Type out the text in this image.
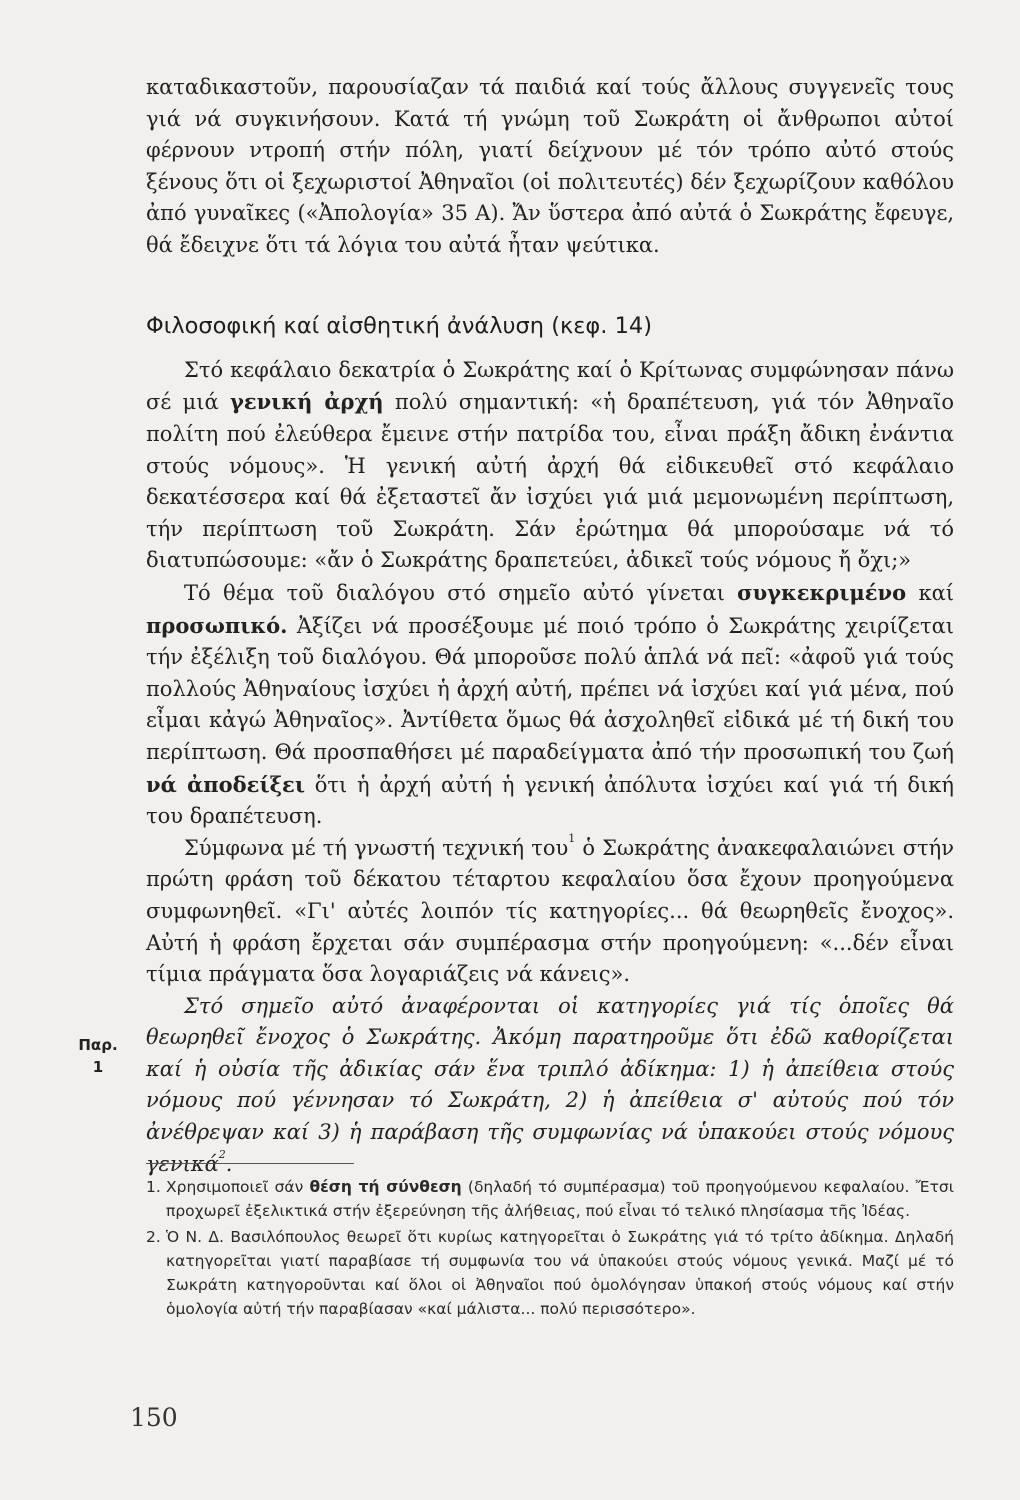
καταδικαστοῦν, παρουσίαζαν τά παιδιά καί τούς ἄλλους συγγενεῖς τους γιά νά συγκινήσουν. Κατά τή γνώμη τοῦ Σωκράτη οἱ ἄνθρωποι αὐτοί φέρνουν ντροπή στήν πόλη, γιατί δείχνουν μέ τόν τρόπο αὐτό στούς ξένους ὅτι οἱ ξεχωριστοί Ἀθηναῖοι (οἱ πολιτευτές) δέν ξεχωρίζουν καθόλου ἀπό γυναῖκες («Ἀπολογία» 35 Α). Ἄν ὕστερα ἀπό αὐτά ὁ Σωκράτης ἔφευγε, θά ἔδειχνε ὅτι τά λόγια του αὐτά ἦταν ψεύτικα.

Φιλοσοφική καί αἰσθητική ἀνάλυση (κεφ. 14)

Στό κεφάλαιο δεκατρία ὁ Σωκράτης καί ὁ Κρίτωνας συμφώνησαν πάνω σέ μιά γενική ἀρχή πολύ σημαντική: «ἡ δραπέτευση, γιά τόν Ἀθηναῖο πολίτη πού ἐλεύθερα ἔμεινε στήν πατρίδα του, εἶναι πράξη ἄδικη ἐνάντια στούς νόμους». Ἡ γενική αὐτή ἀρχή θά εἰδικευθεῖ στό κεφάλαιο δεκατέσσερα καί θά ἐξεταστεῖ ἄν ἰσχύει γιά μιά μεμονωμένη περίπτωση, τήν περίπτωση τοῦ Σωκράτη. Σάν ἐρώτημα θά μπορούσαμε νά τό διατυπώσουμε: «ἄν ὁ Σωκράτης δραπετεύει, ἀδικεῖ τούς νόμους ἤ ὄχι;»

Τό θέμα τοῦ διαλόγου στό σημεῖο αὐτό γίνεται συγκεκριμένο καί προσωπικό. Ἀξίζει νά προσέξουμε μέ ποιό τρόπο ὁ Σωκράτης χειρίζεται τήν ἐξέλιξη τοῦ διαλόγου. Θά μποροῦσε πολύ ἁπλά νά πεῖ: «ἀφοῦ γιά τούς πολλούς Ἀθηναίους ἰσχύει ἡ ἀρχή αὐτή, πρέπει νά ἰσχύει καί γιά μένα, πού εἶμαι κἀγώ Ἀθηναῖος». Ἀντίθετα ὅμως θά ἀσχοληθεῖ εἰδικά μέ τή δική του περίπτωση. Θά προσπαθήσει μέ παραδείγματα ἀπό τήν προσωπική του ζωή νά ἀποδείξει ὅτι ἡ ἀρχή αὐτή ἡ γενική ἀπόλυτα ἰσχύει καί γιά τή δική του δραπέτευση.

Σύμφωνα μέ τή γνωστή τεχνική του$^1$ ὁ Σωκράτης ἀνακεφαλαιώνει στήν πρώτη φράση τοῦ δέκατου τέταρτου κεφαλαίου ὅσα ἔχουν προηγούμενα συμφωνηθεῖ. «Γι' αὐτές λοιπόν τίς κατηγορίες... θά θεωρηθεῖς ἔνοχος». Αὐτή ἡ φράση ἔρχεται σάν συμπέρασμα στήν προηγούμενη: «...δέν εἶναι τίμια πράγματα ὅσα λογαριάζεις νά κάνεις».

Στό σημεῖο αὐτό ἀναφέρονται οἱ κατηγορίες γιά τίς ὁποῖες θά θεωρηθεῖ ἔνοχος ὁ Σωκράτης. Ἀκόμη παρατηροῦμε ὅτι ἐδῶ καθορίζεται καί ἡ οὐσία τῆς ἀδικίας σάν ἕνα τριπλό ἀδίκημα: 1) ἡ ἀπείθεια στούς νόμους πού γέννησαν τό Σωκράτη, 2) ἡ ἀπείθεια σ' αὐτούς πού τόν ἀνέθρεψαν καί 3) ἡ παράβαση τῆς συμφωνίας νά ὑπακούει στούς νόμους γενικά$^2$.

Παρ.
1
1. Χρησιμοποιεῖ σάν θέση τή σύνθεση (δηλαδή τό συμπέρασμα) τοῦ προηγούμενου κεφαλαίου. Ἔτσι προχωρεῖ ἐξελικτικά στήν ἐξερεύνηση τῆς ἀλήθειας, πού εἶναι τό τελικό πλησίασμα τῆς Ἰδέας.
2. Ὁ Ν. Δ. Βασιλόπουλος θεωρεῖ ὅτι κυρίως κατηγορεῖται ὁ Σωκράτης γιά τό τρίτο ἀδίκημα. Δηλαδή κατηγορεῖται γιατί παραβίασε τή συμφωνία του νά ὑπακούει στούς νόμους γενικά. Μαζί μέ τό Σωκράτη κατηγοροῦνται καί ὅλοι οἱ Ἀθηναῖοι πού ὁμολόγησαν ὑπακοή στούς νόμους καί στήν ὁμολογία αὐτή τήν παραβίασαν «καί μάλιστα... πολύ περισσότερο».
150
